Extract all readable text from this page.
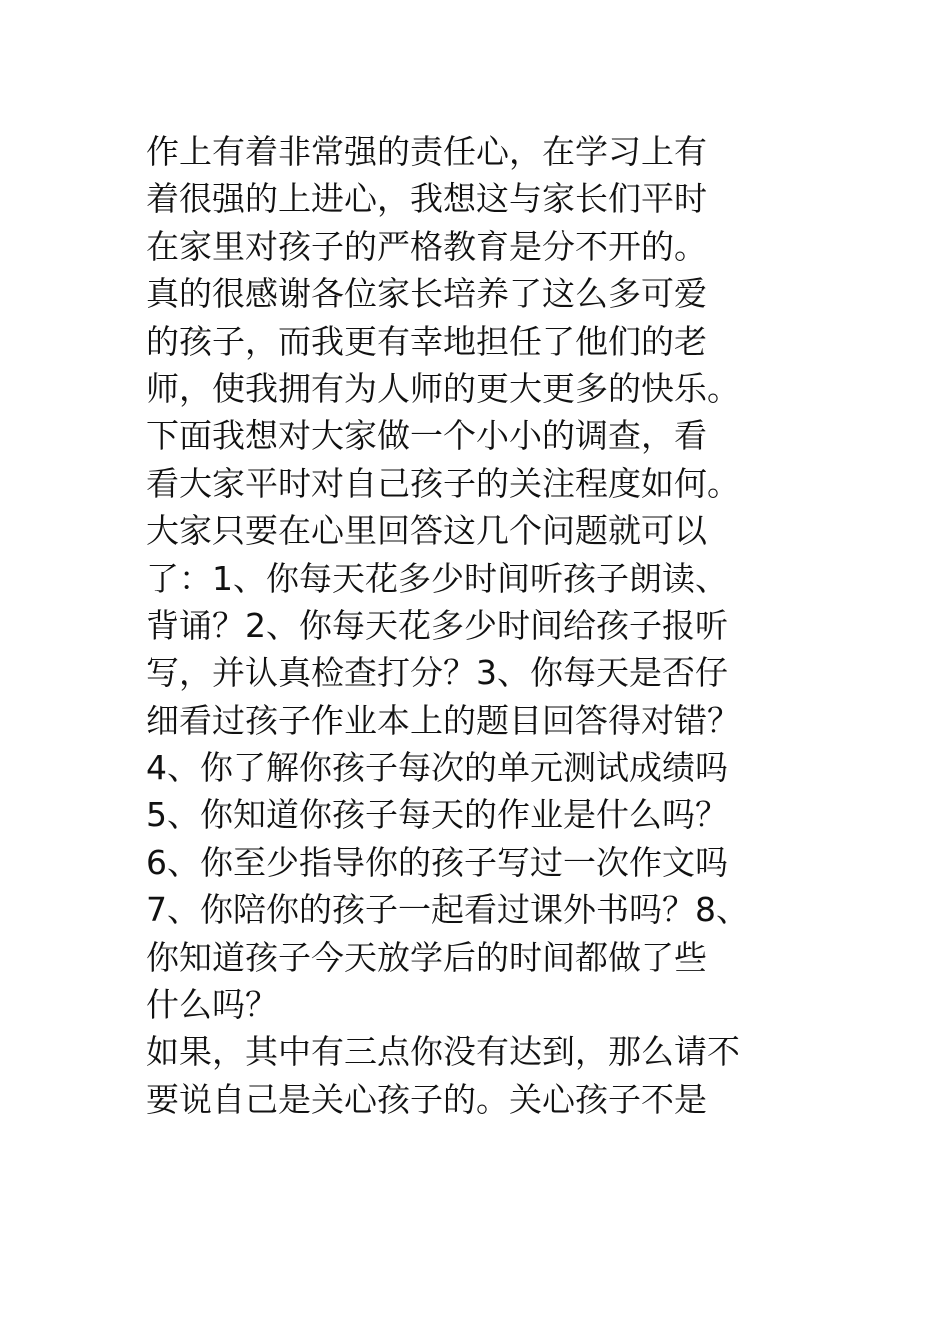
作上有着非常强的责任心，在学习上有
着很强的上进心，我想这与家长们平时
在家里对孩子的严格教育是分不开的。
真的很感谢各位家长培养了这么多可爱
的孩子，而我更有幸地担任了他们的老
师，使我拥有为人师的更大更多的快乐。
下面我想对大家做一个小小的调查，看
看大家平时对自己孩子的关注程度如何。
大家只要在心里回答这几个问题就可以
了：1、你每天花多少时间听孩子朗读、
背诵？2、你每天花多少时间给孩子报听
写，并认真检查打分？3、你每天是否仔
细看过孩子作业本上的题目回答得对错？
4、你了解你孩子每次的单元测试成绩吗
5、你知道你孩子每天的作业是什么吗？
6、你至少指导你的孩子写过一次作文吗
7、你陪你的孩子一起看过课外书吗？8、
你知道孩子今天放学后的时间都做了些
什么吗？
如果，其中有三点你没有达到，那么请不
要说自己是关心孩子的。关心孩子不是
